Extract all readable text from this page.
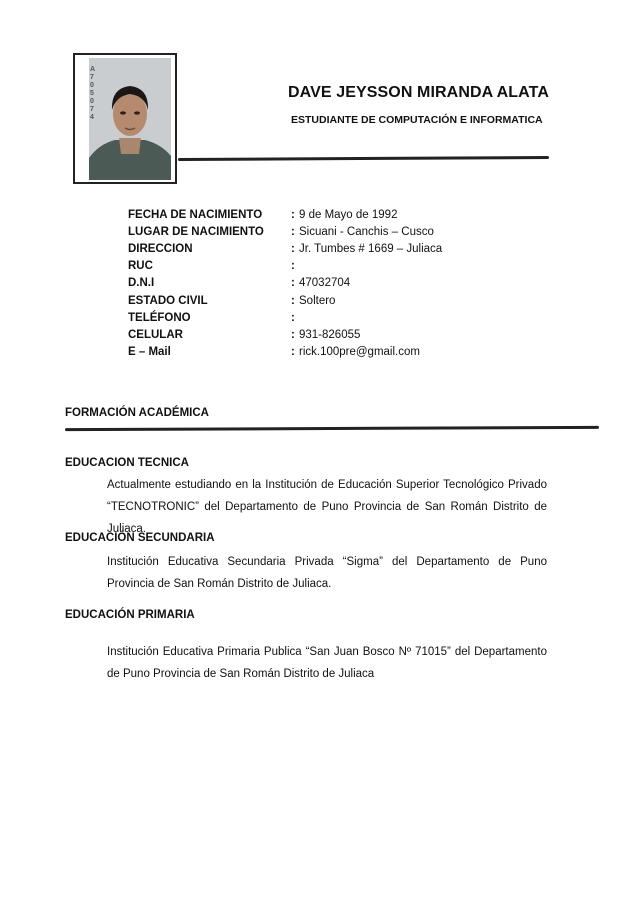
A705074
DAVE JEYSSON MIRANDA ALATA
ESTUDIANTE DE COMPUTACIÓN E INFORMATICA
FECHA DE NACIMIENTO	: 9 de Mayo de 1992
LUGAR DE NACIMIENTO	: Sicuani - Canchis – Cusco
DIRECCION	: Jr. Tumbes # 1669 – Juliaca
RUC	:
D.N.I	: 47032704
ESTADO CIVIL	: Soltero
TELÉFONO	:
CELULAR	: 931-826055
E – Mail	: rick.100pre@gmail.com
FORMACIÓN ACADÉMICA
EDUCACION TECNICA
Actualmente estudiando en la Institución de Educación Superior Tecnológico Privado “TECNOTRONIC” del Departamento de Puno Provincia de San Román Distrito de Juliaca.
EDUCACIÓN SECUNDARIA
Institución Educativa Secundaria Privada “Sigma” del Departamento de Puno Provincia de San Román Distrito de Juliaca.
EDUCACIÓN PRIMARIA
Institución Educativa Primaria Publica “San Juan Bosco Nº 71015” del Departamento de Puno Provincia de San Román Distrito de Juliaca
